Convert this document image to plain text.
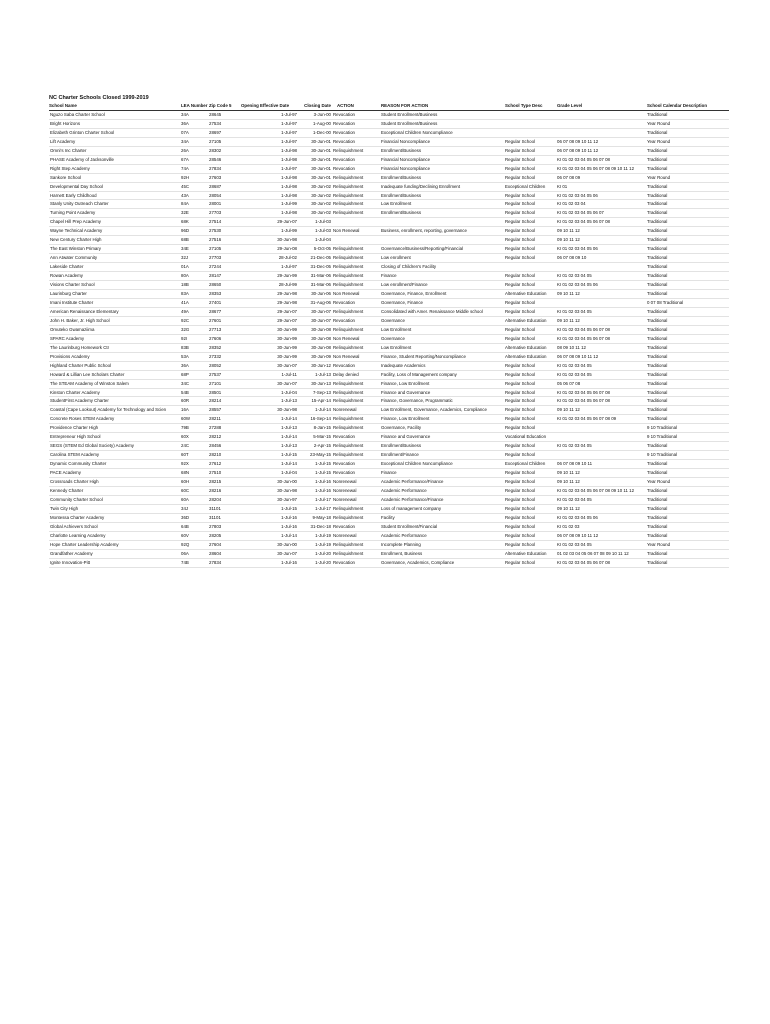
NC Charter Schools Closed 1999-2019
School Name	LEA Number	Zip Code 5	Opening Effective Date	Closing Date	ACTION	REASON FOR ACTION	School Type Desc	Grade Level	School Calendar Description
Nguzo Saba Charter School	34A	28645	1-Jul-97	3-Jun-00	Revocation	Student Enrollment/Business			Traditional
Bright Horizons	36A	27534	1-Jul-97	1-Aug-00	Revocation	Student Enrollment/Business			Year Round
Elizabeth Grinton Charter School	07A	28697	1-Jul-97	1-Dec-00	Revocation	Exceptional Children Noncompliance			Traditional
Lift Academy	34A	27105	1-Jul-97	30-Jun-01	Revocation	Financial Noncompliance	Regular School	06 07 08 09 10 11 12	Year Round
Omni's Inc Charter	26A	28302	1-Jul-98	30-Jun-01	Relinquishment	Enrollment/Business	Regular School	06 07 08 09 10 11 12	Traditional
PHASE Academy of Jacksonville	67A	28546	1-Jul-98	30-Jun-01	Revocation	Financial Noncompliance	Regular School	KI 01 02 03 04 05 06 07 08	Traditional
Right Step Academy	74A	27834	1-Jul-97	30-Jun-01	Revocation	Financial Noncompliance	Regular School	KI 01 02 03 04 05 06 07 08 09 10 11 12	Traditional
Sankore School	92H	27603	1-Jul-98	30-Jun-01	Relinquishment	Enrollment/Business	Regular School	06 07 08 09	Year Round
Developmental Day School	45C	28687	1-Jul-98	30-Jun-02	Relinquishment	Inadequate funding/Declining Enrollment	Exceptional Children	KI 01	Traditional
Harnett Early Childhood	43A	28054	1-Jul-98	30-Jun-02	Relinquishment	Enrollment/Business	Regular School	KI 01 02 03 04 05 06	Traditional
Stanly Unity Outreach Charter	84A	28001	1-Jul-99	30-Jun-02	Relinquishment	Low Enrollment	Regular School	KI 01 02 03 04	Traditional
Turning Point Academy	32E	27703	1-Jul-98	30-Jun-02	Relinquishment	Enrollment/Business	Regular School	KI 01 02 03 04 05 06 07	Traditional
Chapel Hill Prep Academy	68K	27514	29-Jun-07	1-Jul-03			Regular School	KI 01 02 03 04 05 06 07 08	Traditional
Wayne Technical Academy	96D	27530	1-Jul-99	1-Jul-03	Non Renewal	Business, enrollment, reporting, governance	Regular School	09 10 11 12	Traditional
New Century Charter High	68B	27516	30-Jun-98	1-Jul-04			Regular School	09 10 11 12	Traditional
The East Winston Primary	34E	27105	29-Jun-08	5-Oct-05	Relinquishment	Governance/Business/Reporting/Financial	Regular School	KI 01 02 03 04 05 06	Traditional
Ann Atwater Community	32J	27703	28-Jul-02	21-Dec-05	Relinquishment	Low enrollment	Regular School	06 07 08 09 10	Traditional
Lakeside Charter	01A	27244	1-Jul-97	31-Dec-05	Relinquishment	Closing of Children's Facility			Traditional
Rowan Academy	80A	28147	29-Jun-99	31-Mar-06	Relinquishment	Finance	Regular School	KI 01 02 03 04 05	Traditional
Visions Charter School	18B	28650	28-Jul-99	31-Mar-06	Relinquishment	Low enrollment/Finance	Regular School	KI 01 02 03 04 05 06	Traditional
Laurinburg Charter	83A	28353	29-Jun-98	30-Jun-06	Non Renewal	Governance, Finance, Enrollment	Alternative Education	09 10 11 12	Traditional
Imani Institute Charter	41A	27401	29-Jun-98	31-Aug-06	Revocation	Governance, Finance	Regular School		0 07 08 Traditional
American Renaissance Elementary	49A	28677	29-Jun-07	30-Jun-07	Relinquishment	Consolidated with Amer. Renaissance Middle school	Regular School	KI 01 02 03 04 05	Traditional
John H. Baker, Jr. High School	92C	27601	29-Jun-07	30-Jun-07	Revocation	Governance	Alternative Education	09 10 11 12	Traditional
Omuteko Gwamaziima	32G	27713	30-Jun-99	30-Jun-08	Relinquishment	Low Enrollment	Regular School	KI 01 02 03 04 05 06 07 08	Traditional
SPARC Academy	92I	27606	30-Jun-99	30-Jun-08	Non Renewal	Governance	Regular School	KI 01 02 03 04 05 06 07 08	Traditional
The Laurinburg Homework Ctr	83B	28352	30-Jun-99	30-Jun-08	Relinquishment	Low Enrollment	Alternative Education	08 09 10 11 12	Traditional
Provisions Academy	53A	27332	30-Jun-99	30-Jun-09	Non Renewal	Finance, Student Reporting/Noncompliance	Alternative Education	06 07 08 09 10 11 12	Traditional
Highland Charter Public School	36A	28052	30-Jun-07	30-Jun-12	Revocation	Inadequate Academics	Regular School	KI 01 02 03 04 05	Traditional
Howard & Lillian Lee Scholars Charter	68P	27537	1-Jul-11	1-Jul-13	Delay denied	Facility, Loss of Management company	Regular School	KI 01 02 03 04 05	Traditional
The STEAM Academy of Winston Salem	34C	27101	30-Jun-07	30-Jun-13	Relinquishment	Finance, Low Enrollment	Regular School	05 06 07 08	Traditional
Kinston Charter Academy	54B	28501	1-Jul-04	7-Sep-13	Relinquishment	Finance and Governance	Regular School	KI 01 02 03 04 05 06 07 08	Traditional
StudentFirst Academy Charter	60R	28214	1-Jul-13	15-Apr-14	Relinquishment	Finance, Governance, Programmatic	Regular School	KI 01 02 03 04 05 06 07 08	Traditional
Coastal (Cape Lookout) Academy for Technology and Scien	16A	28557	30-Jun-98	1-Jul-14	Nonrenewal	Low Enrollment, Governance, Academics, Compliance	Regular School	09 10 11 12	Traditional
Concrete Roses STEM Academy	60W	28211	1-Jul-14	16-Sep-14	Relinquishment	Finance, Low Enrollment	Regular School	KI 01 02 03 04 05 06 07 08 09	Traditional
Providence Charter High	79B	27288	1-Jul-13	8-Jan-15	Relinquishment	Governance, Facility	Regular School		9 10 Traditional
Entrepreneur High School	60X	28212	1-Jul-14	5-Mar-15	Revocation	Finance and Governance	Vocational Education		9 10 Traditional
SEGS (STEM Ed Global Society) Academy	24C	28456	1-Jul-13	2-Apr-15	Relinquishment	Enrollment/Business	Regular School	KI 01 02 03 04 05	Traditional
Carolina STEM Academy	60T	28210	1-Jul-15	23-May-15	Relinquishment	Enrollment/Finance	Regular School		9 10 Traditional
Dynamic Community Charter	92X	27612	1-Jul-14	1-Jul-15	Revocation	Exceptional Children Noncompliance	Exceptional Children	06 07 08 09 10 11	Traditional
PACE Academy	68N	27510	1-Jul-04	1-Jul-15	Revocation	Finance	Regular School	09 10 11 12	Traditional
Crossroads Charter High	60H	28215	30-Jun-00	1-Jul-16	Nonrenewal	Academic Performance/Finance	Regular School	09 10 11 12	Year Round
Kennedy Charter	60C	28216	30-Jun-98	1-Jul-16	Nonrenewal	Academic Performance	Regular School	KI 01 02 03 04 05 06 07 08 09 10 11 12	Traditional
Community Charter School	60A	28204	30-Jun-97	1-Jul-17	Nonrenewal	Academic Performance/Finance	Regular School	KI 01 02 03 04 05	Traditional
Twin City High	34J	31101	1-Jul-15	1-Jul-17	Relinquishment	Loss of management company	Regular School	09 10 11 12	Traditional
Montessa Charter Academy	36D	31101	1-Jul-16	9-May-18	Relinquishment	Facility	Regular School	KI 01 02 03 04 05 06	Traditional
Global Achievers School	64B	27803	1-Jul-16	31-Dec-18	Revocation	Student Enrollment/Financial	Regular School	KI 01 02 03	Traditional
Charlotte Learning Academy	60V	28205	1-Jul-14	1-Jul-19	Nonrenewal	Academic Performance	Regular School	06 07 08 09 10 11 12	Traditional
Hope Charter Leadership Academy	92Q	27604	30-Jun-00	1-Jul-19	Relinquishment	Incomplete Planning	Regular School	KI 01 02 03 04 05	Year Round
Grandfather Academy	06A	28604	30-Jun-07	1-Jul-20	Relinquishment	Enrollment, Business	Alternative Education	01 02 03 04 05 06 07 08 09 10 11 12	Traditional
Ignite Innovation-Pitt	74B	27834	1-Jul-16	1-Jul-20	Revocation	Governance, Academics, Compliance	Regular School	KI 01 02 03 04 05 06 07 08	Traditional
